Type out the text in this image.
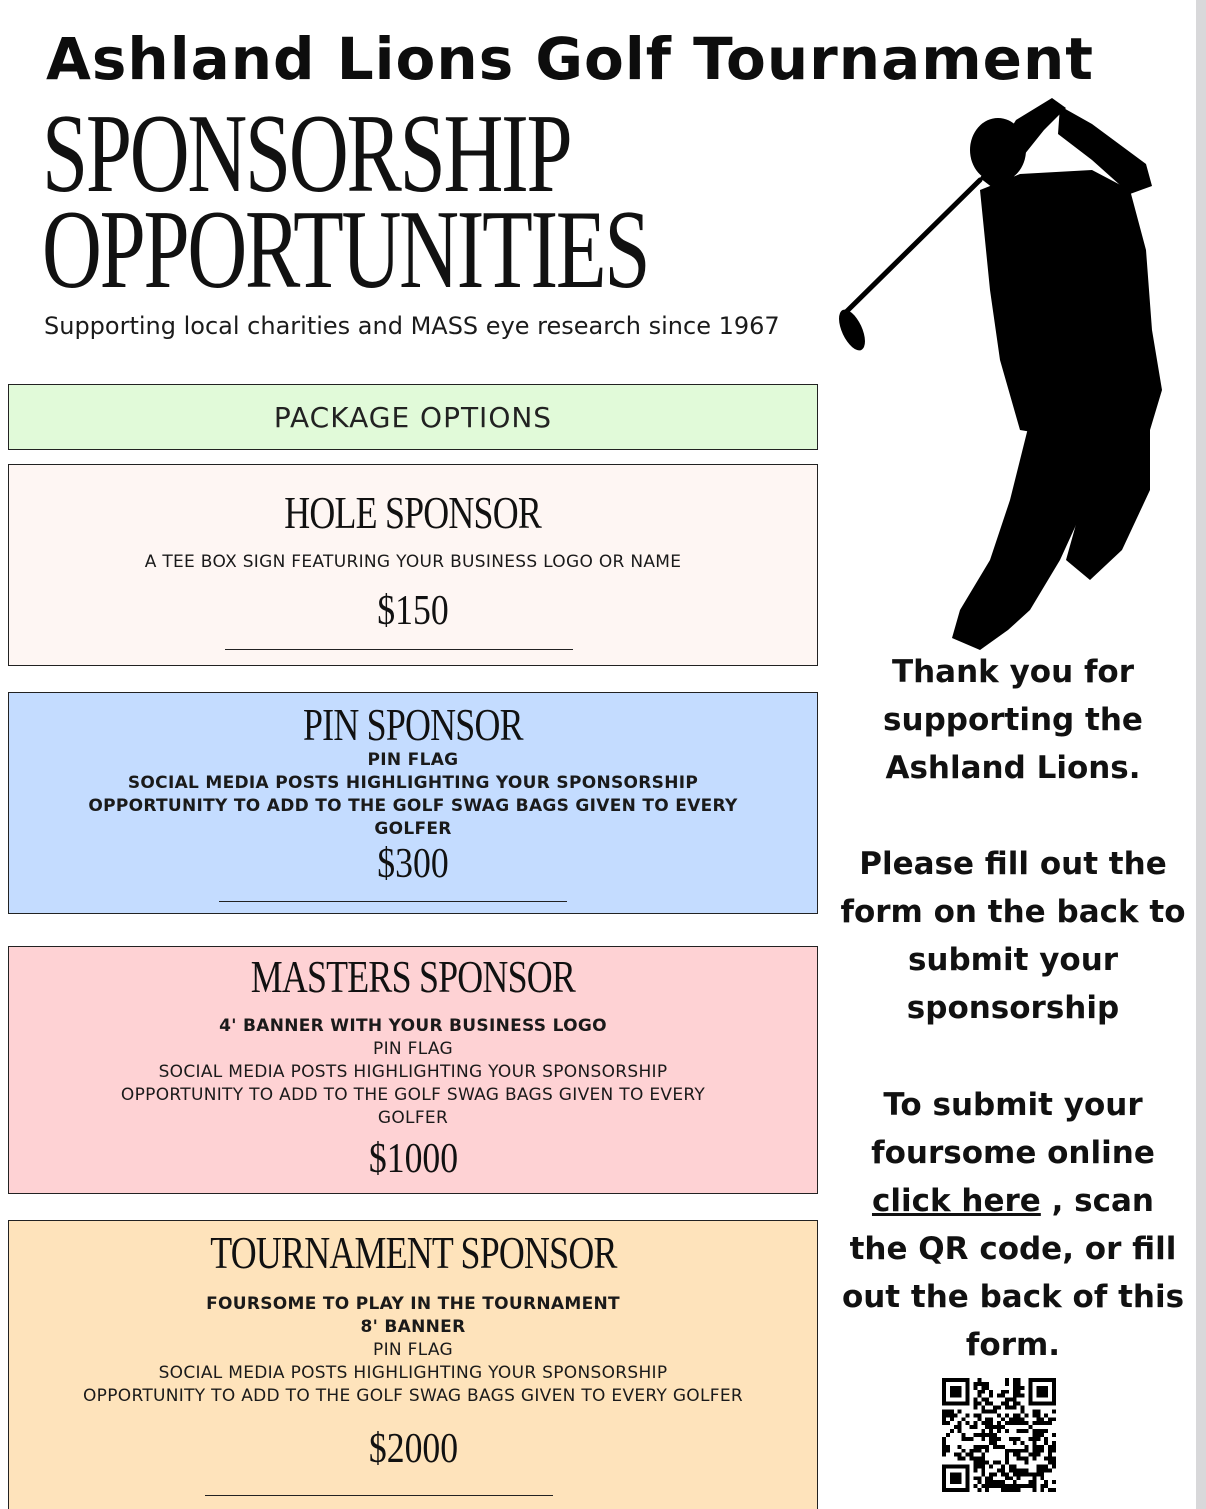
Ashland Lions Golf Tournament
SPONSORSHIP
OPPORTUNITIES
Supporting local charities and MASS eye research since 1967
PACKAGE OPTIONS
HOLE SPONSOR
A TEE BOX SIGN FEATURING YOUR BUSINESS LOGO OR NAME
$150
PIN SPONSOR
PIN FLAG
SOCIAL MEDIA POSTS HIGHLIGHTING YOUR SPONSORSHIP
OPPORTUNITY TO ADD TO THE GOLF SWAG BAGS GIVEN TO EVERY
GOLFER
$300
MASTERS SPONSOR
4' BANNER WITH YOUR BUSINESS LOGO
PIN FLAG
SOCIAL MEDIA POSTS HIGHLIGHTING YOUR SPONSORSHIP
OPPORTUNITY TO ADD TO THE GOLF SWAG BAGS GIVEN TO EVERY
GOLFER
$1000
TOURNAMENT SPONSOR
FOURSOME TO PLAY IN THE TOURNAMENT
8' BANNER
PIN FLAG
SOCIAL MEDIA POSTS HIGHLIGHTING YOUR SPONSORSHIP
OPPORTUNITY TO ADD TO THE GOLF SWAG BAGS GIVEN TO EVERY GOLFER
$2000
Thank you for
supporting the
Ashland Lions.
Please fill out the
form on the back to
submit your
sponsorship
To submit your
foursome online
click here , scan
the QR code, or fill
out the back of this
form.
